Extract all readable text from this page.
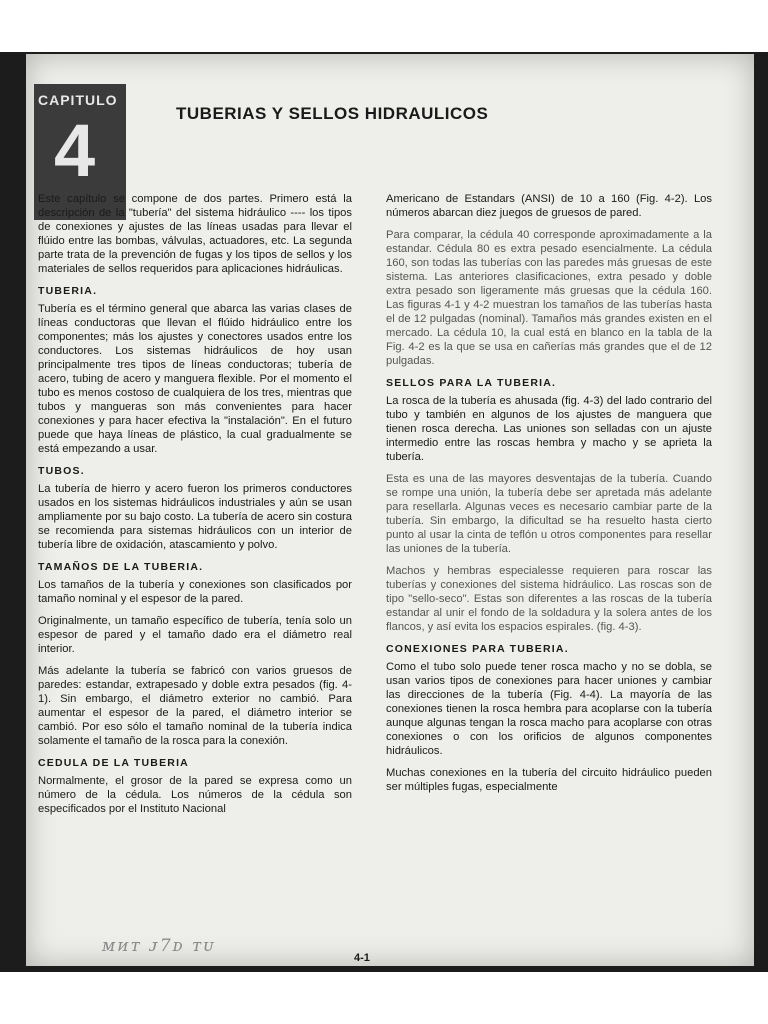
CAPITULO
4	TUBERIAS Y SELLOS HIDRAULICOS

Este capítulo se compone de dos partes. Primero está la descripción de la "tubería" del sistema hidráulico ---- los tipos de conexiones y ajustes de las líneas usadas para llevar el flúido entre las bombas, válvulas, actuadores, etc. La segunda parte trata de la prevención de fugas y los tipos de sellos y los materiales de sellos requeridos para aplicaciones hidráulicas.

TUBERIA.

Tubería es el término general que abarca las varias clases de líneas conductoras que llevan el flúido hidráulico entre los componentes; más los ajustes y conectores usados entre los conductores. Los sistemas hidráulicos de hoy usan principalmente tres tipos de líneas conductoras; tubería de acero, tubing de acero y manguera flexible. Por el momento el tubo es menos costoso de cualquiera de los tres, mientras que tubos y mangueras son más convenientes para hacer conexiones y para hacer efectiva la "instalación". En el futuro puede que haya líneas de plástico, la cual gradualmente se está empezando a usar.

TUBOS.

La tubería de hierro y acero fueron los primeros conductores usados en los sistemas hidráulicos industriales y aún se usan ampliamente por su bajo costo. La tubería de acero sin costura se recomienda para sistemas hidráulicos con un interior de tubería libre de oxidación, atascamiento y polvo.

TAMAÑOS DE LA TUBERIA.

Los tamaños de la tubería y conexiones son clasificados por tamaño nominal y el espesor de la pared.

Originalmente, un tamaño específico de tubería, tenía solo un espesor de pared y el tamaño dado era el diámetro real interior.

Más adelante la tubería se fabricó con varios gruesos de paredes: estandar, extrapesado y doble extra pesados (fig. 4-1). Sin embargo, el diámetro exterior no cambió. Para aumentar el espesor de la pared, el diámetro interior se cambió. Por eso sólo el tamaño nominal de la tubería indica solamente el tamaño de la rosca para la conexión.

CEDULA DE LA TUBERIA

Normalmente, el grosor de la pared se expresa como un número de la cédula. Los números de la cédula son especificados por el Instituto Nacional

Americano de Estandars (ANSI) de 10 a 160 (Fig. 4-2). Los números abarcan diez juegos de gruesos de pared.

Para comparar, la cédula 40 corresponde aproximadamente a la estandar. Cédula 80 es extra pesado esencialmente. La cédula 160, son todas las tuberías con las paredes más gruesas de este sistema. Las anteriores clasificaciones, extra pesado y doble extra pesado son ligeramente más gruesas que la cédula 160. Las figuras 4-1 y 4-2 muestran los tamaños de las tuberías hasta el de 12 pulgadas (nominal). Tamaños más grandes existen en el mercado. La cédula 10, la cual está en blanco en la tabla de la Fig. 4-2 es la que se usa en cañerías más grandes que el de 12 pulgadas.

SELLOS PARA LA TUBERIA.

La rosca de la tubería es ahusada (fig. 4-3) del lado contrario del tubo y también en algunos de los ajustes de manguera que tienen rosca derecha. Las uniones son selladas con un ajuste intermedio entre las roscas hembra y macho y se aprieta la tubería.

Esta es una de las mayores desventajas de la tubería. Cuando se rompe una unión, la tubería debe ser apretada más adelante para resellarla. Algunas veces es necesario cambiar parte de la tubería. Sin embargo, la dificultad se ha resuelto hasta cierto punto al usar la cinta de teflón u otros componentes para resellar las uniones de la tubería.

Machos y hembras especialesse requieren para roscar las tuberías y conexiones del sistema hidráulico. Las roscas son de tipo "sello-seco". Estas son diferentes a las roscas de la tubería estandar al unir el fondo de la soldadura y la solera antes de los flancos, y así evita los espacios espirales. (fig. 4-3).

CONEXIONES PARA TUBERIA.

Como el tubo solo puede tener rosca macho y no se dobla, se usan varios tipos de conexiones para hacer uniones y cambiar las direcciones de la tubería (Fig. 4-4). La mayoría de las conexiones tienen la rosca hembra para acoplarse con la tubería aunque algunas tengan la rosca macho para acoplarse con otras conexiones o con los orificios de algunos componentes hidráulicos.

Muchas conexiones en la tubería del circuito hidráulico pueden ser múltiples fugas, especialmente

ᴍᴎᴛ ᴊ7ᴅ ᴛᴜ
4-1
